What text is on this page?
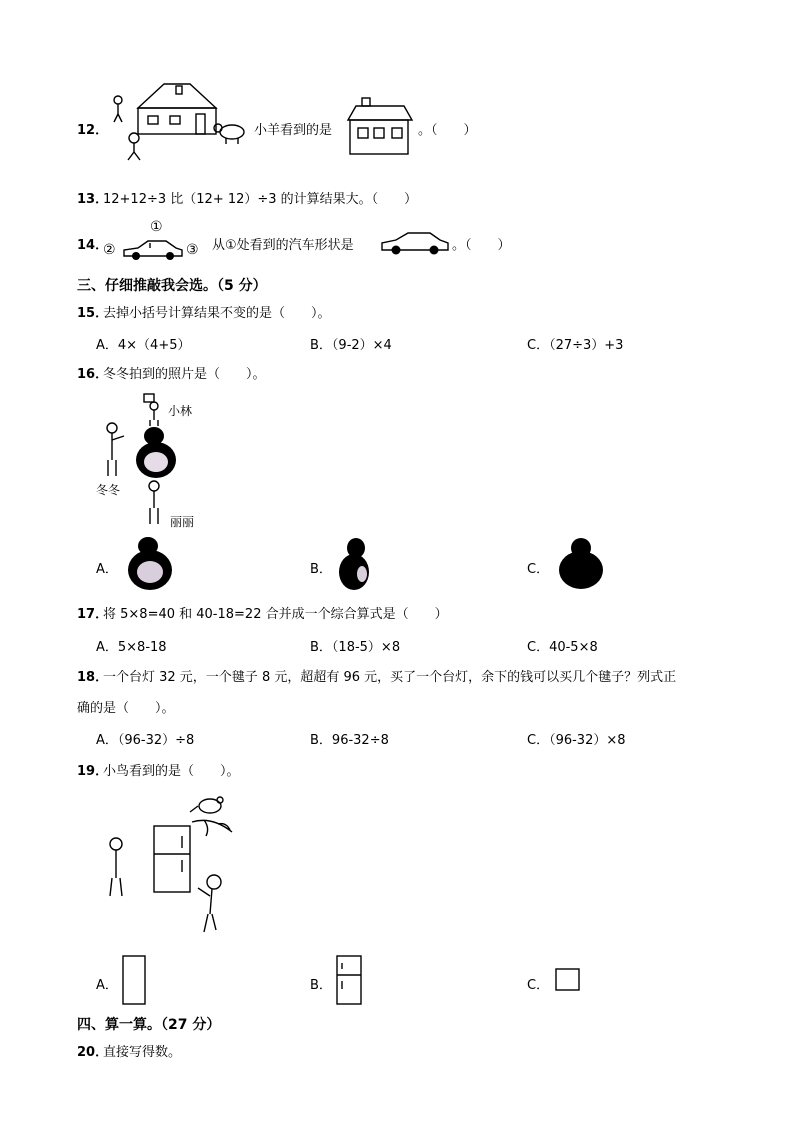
12．	小羊看到的是	。（　　）
13．
12+12÷3 比（12+ 12）÷3 的计算结果大。（　　）
14．
①
②	③ 从①处看到的汽车形状是	。（　　）
三、仔细推敲我会选。（5 分）
15．
去掉小括号计算结果不变的是（　　）。
A．4×（4+5）	B．（9-2）×4	C．（27÷3）+3
16．
冬冬拍到的照片是（　　）。
小林
冬冬
丽丽
A．	B．	C．
17．
将 5×8=40 和 40-18=22 合并成一个综合算式是（　　）
A．5×8-18	B．（18-5）×8	C．40-5×8
18．
一个台灯 32 元，一个毽子 8 元，超超有 96 元，买了一个台灯，余下的钱可以买几个毽子？列式正
确的是（　　）。
A．（96-32）÷8	B．96-32÷8	C．（96-32）×8
19．
小鸟看到的是（　　）。
A．	B．	C．
四、算一算。（27 分）
20．
直接写得数。
